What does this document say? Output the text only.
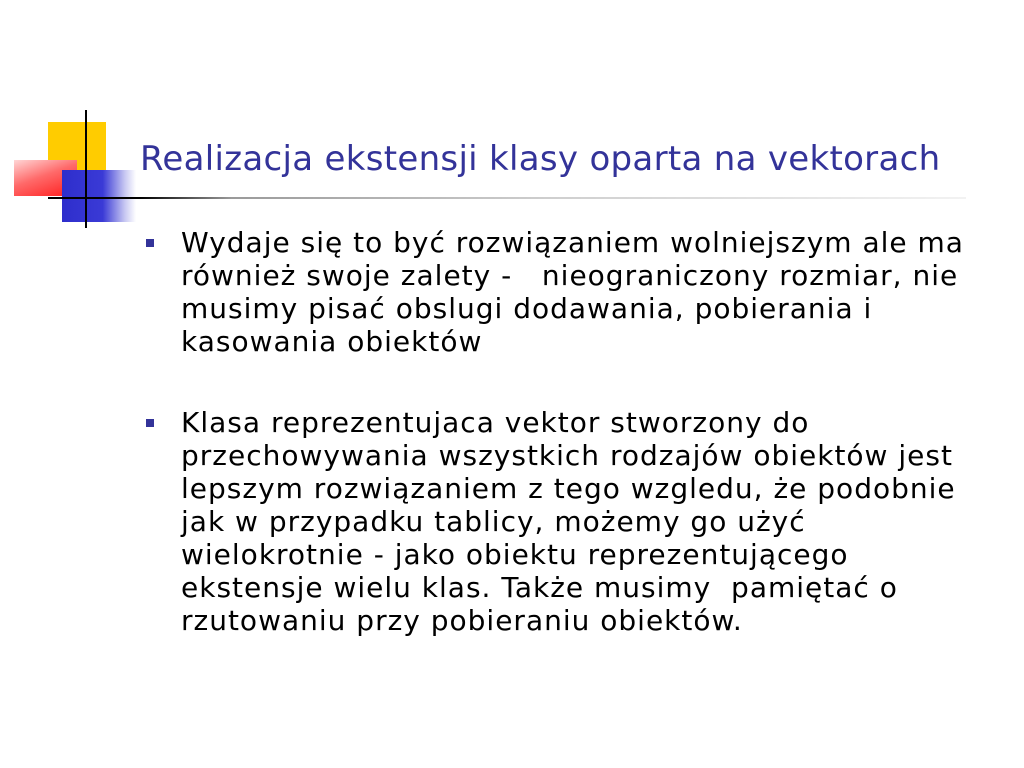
Realizacja ekstensji klasy oparta na vektorach
Wydaje się to być rozwiązaniem wolniejszym ale ma
również swoje zalety -   nieograniczony rozmiar, nie
musimy pisać obslugi dodawania, pobierania i
kasowania obiektów
Klasa reprezentujaca vektor stworzony do
przechowywania wszystkich rodzajów obiektów jest
lepszym rozwiązaniem z tego wzgledu, że podobnie
jak w przypadku tablicy, możemy go użyć
wielokrotnie - jako obiektu reprezentującego
ekstensje wielu klas. Także musimy  pamiętać o
rzutowaniu przy pobieraniu obiektów.
